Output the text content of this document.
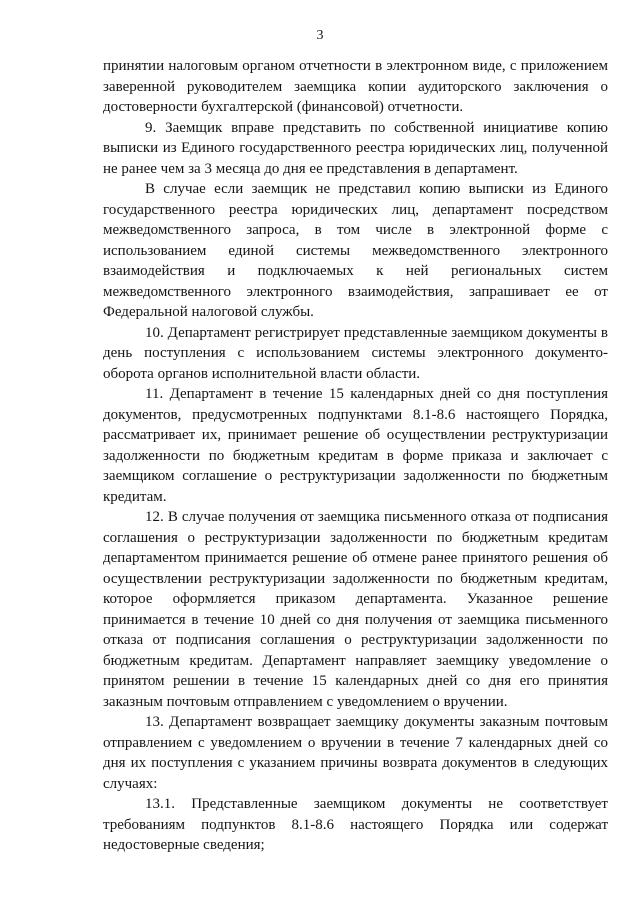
3

принятии налоговым органом отчетности в электронном виде, с приложением заверенной руководителем заемщика копии аудиторского заключения о достоверности бухгалтерской (финансовой) отчетности.

9. Заемщик вправе представить по собственной инициативе копию выписки из Единого государственного реестра юридических лиц, полученной не ранее чем за 3 месяца до дня ее представления в департамент.

В случае если заемщик не представил копию выписки из Единого государственного реестра юридических лиц, департамент посредством межведомственного запроса, в том числе в электронной форме с использованием единой системы межведомственного электронного взаимодействия и подключаемых к ней региональных систем межведомственного электронного взаимодействия, запрашивает ее от Федеральной налоговой службы.

10. Департамент регистрирует представленные заемщиком документы в день поступления с использованием системы электронного документо-оборота органов исполнительной власти области.

11. Департамент в течение 15 календарных дней со дня поступления документов, предусмотренных подпунктами 8.1-8.6 настоящего Порядка, рассматривает их, принимает решение об осуществлении реструктуризации задолженности по бюджетным кредитам в форме приказа и заключает с заемщиком соглашение о реструктуризации задолженности по бюджетным кредитам.

12. В случае получения от заемщика письменного отказа от подписания соглашения о реструктуризации задолженности по бюджетным кредитам департаментом принимается решение об отмене ранее принятого решения об осуществлении реструктуризации задолженности по бюджетным кредитам, которое оформляется приказом департамента. Указанное решение принимается в течение 10 дней со дня получения от заемщика письменного отказа от подписания соглашения о реструктуризации задолженности по бюджетным кредитам. Департамент направляет заемщику уведомление о принятом решении в течение 15 календарных дней со дня его принятия заказным почтовым отправлением с уведомлением о вручении.

13. Департамент возвращает заемщику документы заказным почтовым отправлением с уведомлением о вручении в течение 7 календарных дней со дня их поступления с указанием причины возврата документов в следующих случаях:

13.1. Представленные заемщиком документы не соответствует требованиям подпунктов 8.1-8.6 настоящего Порядка или содержат недостоверные сведения;
